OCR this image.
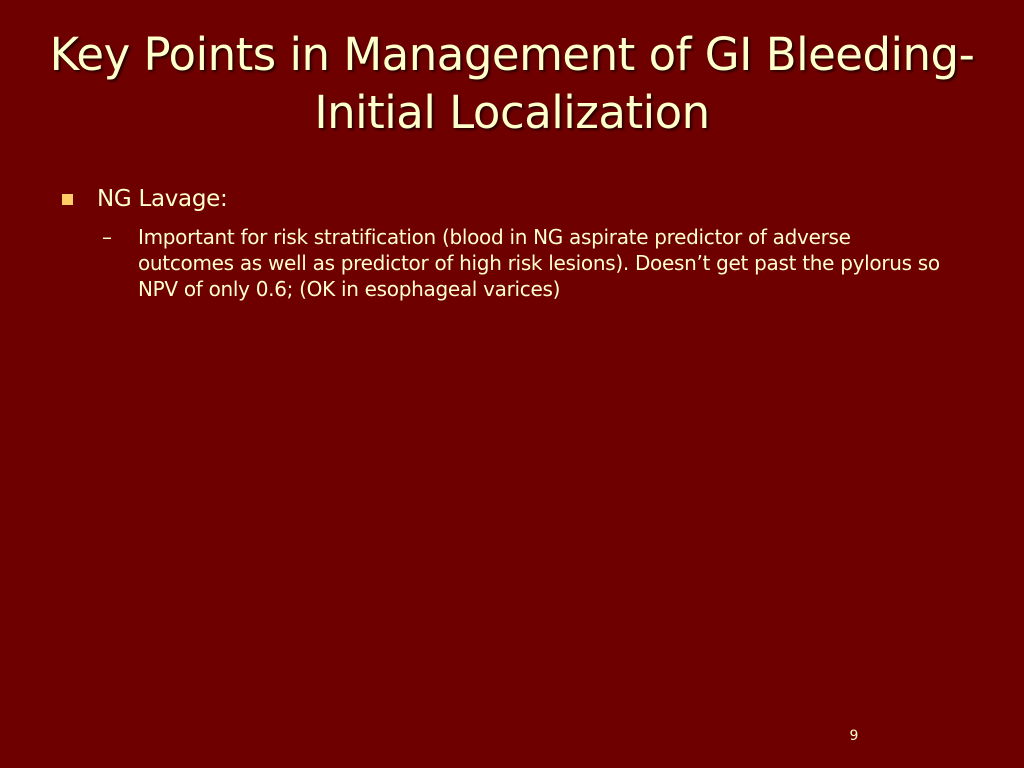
Key Points in Management of GI Bleeding- Initial Localization
NG Lavage:
–	Important for risk stratification (blood in NG aspirate predictor of adverse outcomes as well as predictor of high risk lesions). Doesn’t get past the pylorus so NPV of only 0.6; (OK in esophageal varices)
9
